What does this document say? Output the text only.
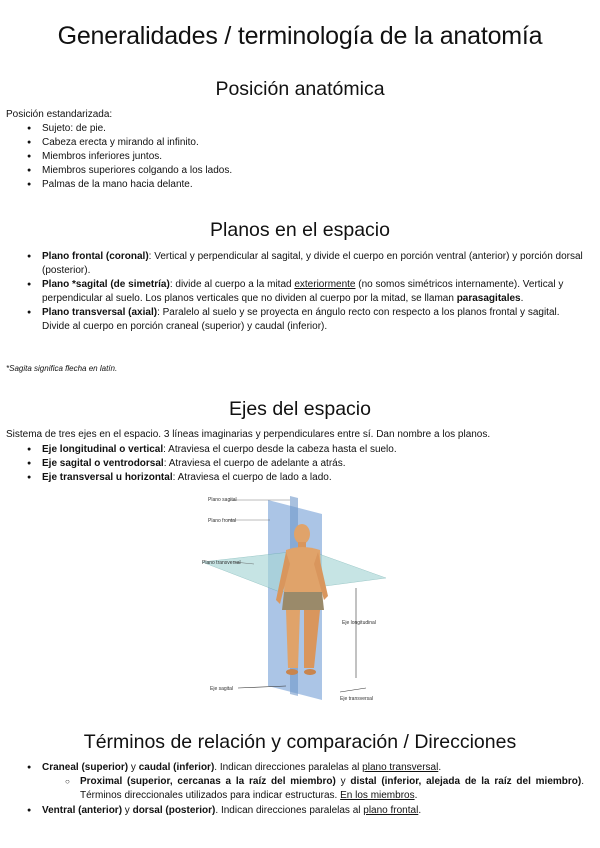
Generalidades / terminología de la anatomía
Posición anatómica
Posición estandarizada:
● Sujeto: de pie.
● Cabeza erecta y mirando al infinito.
● Miembros inferiores juntos.
● Miembros superiores colgando a los lados.
● Palmas de la mano hacia delante.
Planos en el espacio
● Plano frontal (coronal): Vertical y perpendicular al sagital, y divide el cuerpo en porción ventral (anterior) y porción dorsal (posterior).
● Plano *sagital (de simetría): divide al cuerpo a la mitad exteriormente (no somos simétricos internamente). Vertical y perpendicular al suelo. Los planos verticales que no dividen al cuerpo por la mitad, se llaman parasagitales.
● Plano transversal (axial): Paralelo al suelo y se proyecta en ángulo recto con respecto a los planos frontal y sagital. Divide al cuerpo en porción craneal (superior) y caudal (inferior).
*Sagita significa flecha en latín.
Ejes del espacio
Sistema de tres ejes en el espacio. 3 líneas imaginarias y perpendiculares entre sí. Dan nombre a los planos.
● Eje longitudinal o vertical: Atraviesa el cuerpo desde la cabeza hasta el suelo.
● Eje sagital o ventrodorsal: Atraviesa el cuerpo de adelante a atrás.
● Eje transversal u horizontal: Atraviesa el cuerpo de lado a lado.
Plano sagital
Plano frontal
Plano transversal
Eje longitudinal
Eje sagital
Eje transversal
Términos de relación y comparación / Direcciones
● Craneal (superior) y caudal (inferior). Indican direcciones paralelas al plano transversal.
○ Proximal (superior, cercanas a la raíz del miembro) y distal (inferior, alejada de la raíz del miembro). Términos direccionales utilizados para indicar estructuras. En los miembros.
● Ventral (anterior) y dorsal (posterior). Indican direcciones paralelas al plano frontal.
